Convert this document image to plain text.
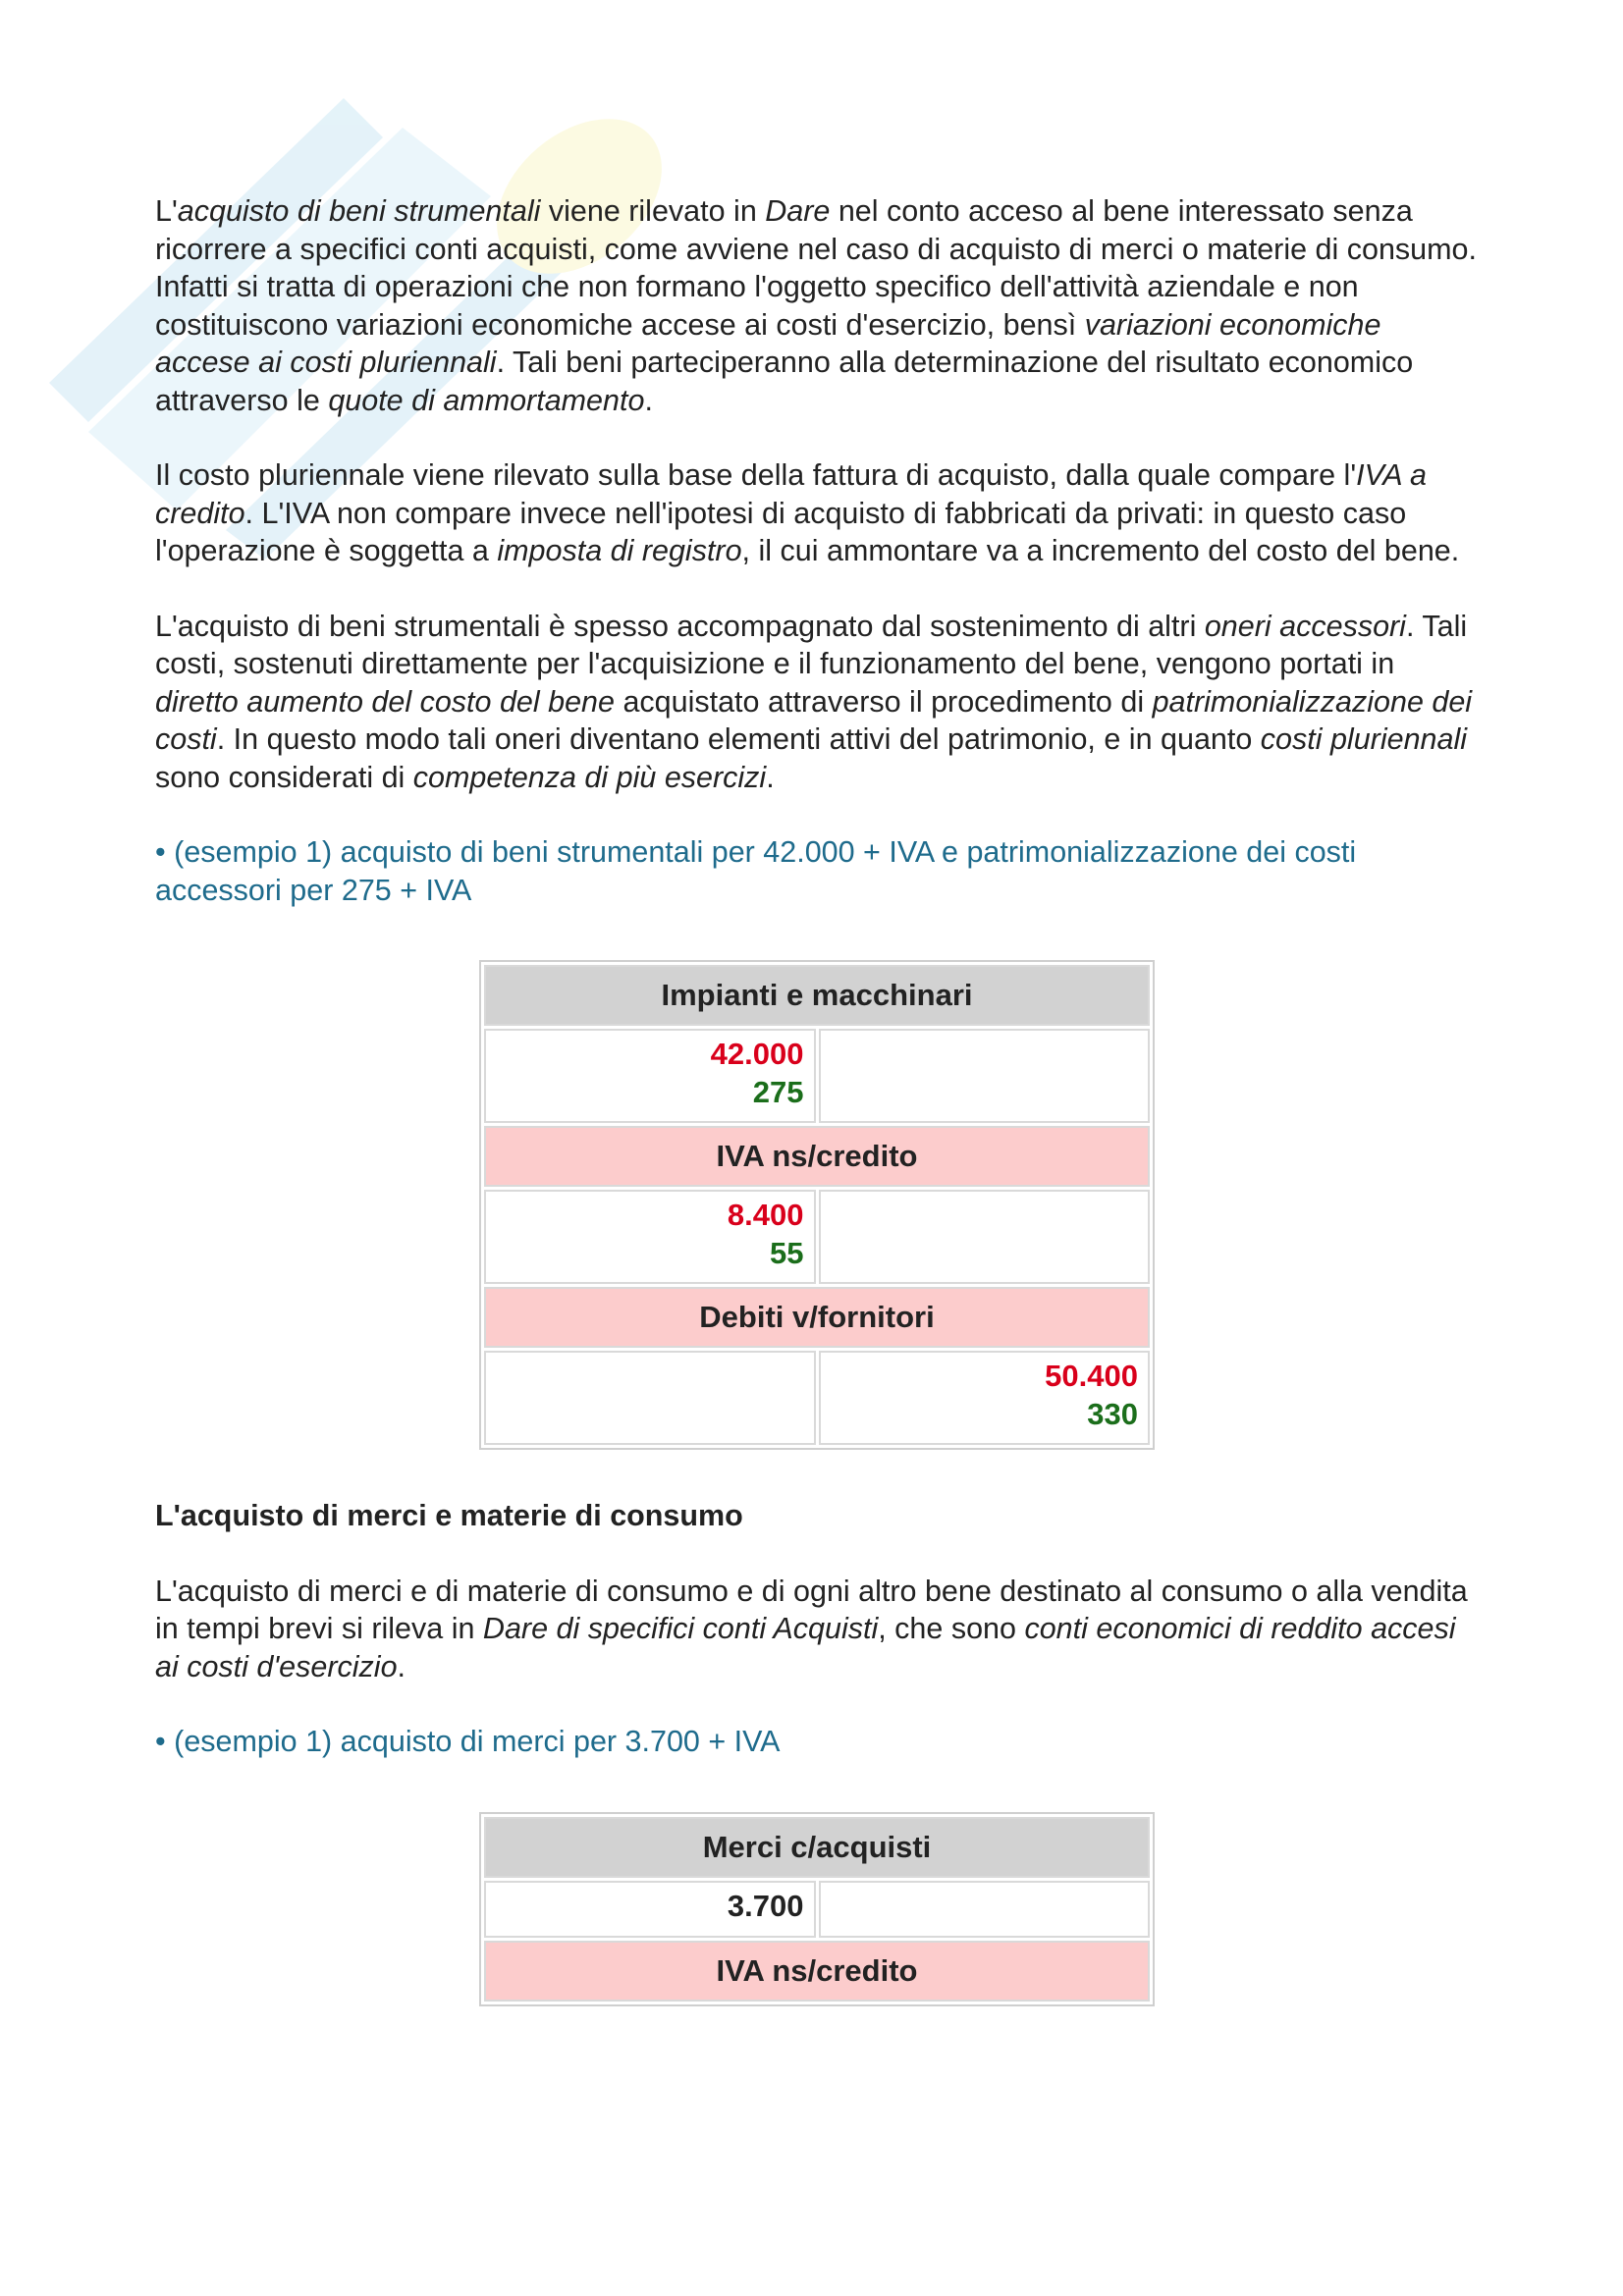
L'acquisto di beni strumentali viene rilevato in Dare nel conto acceso al bene interessato senza ricorrere a specifici conti acquisti, come avviene nel caso di acquisto di merci o materie di consumo. Infatti si tratta di operazioni che non formano l'oggetto specifico dell'attività aziendale e non costituiscono variazioni economiche accese ai costi d'esercizio, bensì variazioni economiche accese ai costi pluriennali. Tali beni parteciperanno alla determinazione del risultato economico attraverso le quote di ammortamento.

Il costo pluriennale viene rilevato sulla base della fattura di acquisto, dalla quale compare l'IVA a credito. L'IVA non compare invece nell'ipotesi di acquisto di fabbricati da privati: in questo caso l'operazione è soggetta a imposta di registro, il cui ammontare va a incremento del costo del bene.

L'acquisto di beni strumentali è spesso accompagnato dal sostenimento di altri oneri accessori. Tali costi, sostenuti direttamente per l'acquisizione e il funzionamento del bene, vengono portati in diretto aumento del costo del bene acquistato attraverso il procedimento di patrimonializzazione dei costi. In questo modo tali oneri diventano elementi attivi del patrimonio, e in quanto costi pluriennali sono considerati di competenza di più esercizi.

• (esempio 1) acquisto di beni strumentali per 42.000 + IVA e patrimonializzazione dei costi accessori per 275 + IVA

Impianti e macchinari	

42.000
275	

IVA ns/credito	

8.400
55	

Debiti v/fornitori	

	50.400
330
L'acquisto di merci e materie di consumo

L'acquisto di merci e di materie di consumo e di ogni altro bene destinato al consumo o alla vendita in tempi brevi si rileva in Dare di specifici conti Acquisti, che sono conti economici di reddito accesi ai costi d'esercizio.

• (esempio 1) acquisto di merci per 3.700 + IVA

Merci c/acquisti

3.700

IVA ns/credito
